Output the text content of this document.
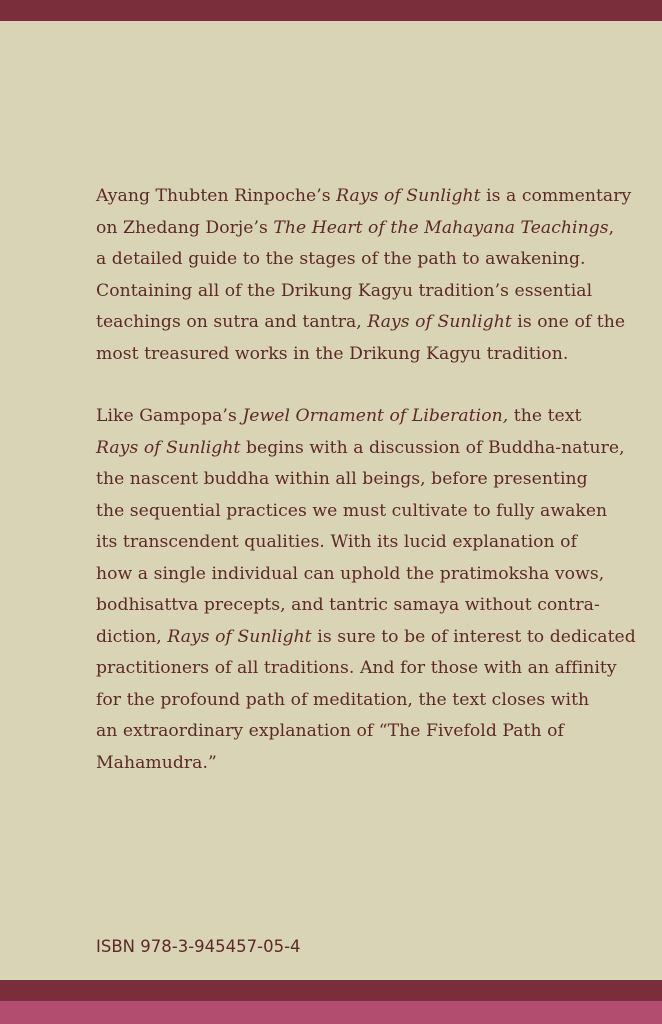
Ayang Thubten Rinpoche’s Rays of Sunlight is a commentary
on Zhedang Dorje’s The Heart of the Mahayana Teachings,
a detailed guide to the stages of the path to awakening.
Containing all of the Drikung Kagyu tradition’s essential
teachings on sutra and tantra, Rays of Sunlight is one of the
most treasured works in the Drikung Kagyu tradition.

Like Gampopa’s Jewel Ornament of Liberation, the text
Rays of Sunlight begins with a discussion of Buddha-nature,
the nascent buddha within all beings, before presenting
the sequential practices we must cultivate to fully awaken
its transcendent qualities. With its lucid explanation of
how a single individual can uphold the pratimoksha vows,
bodhisattva precepts, and tantric samaya without contra-
diction, Rays of Sunlight is sure to be of interest to dedicated
practitioners of all traditions. And for those with an affinity
for the profound path of meditation, the text closes with
an extraordinary explanation of “The Fivefold Path of
Mahamudra.”

ISBN 978-3-945457-05-4
